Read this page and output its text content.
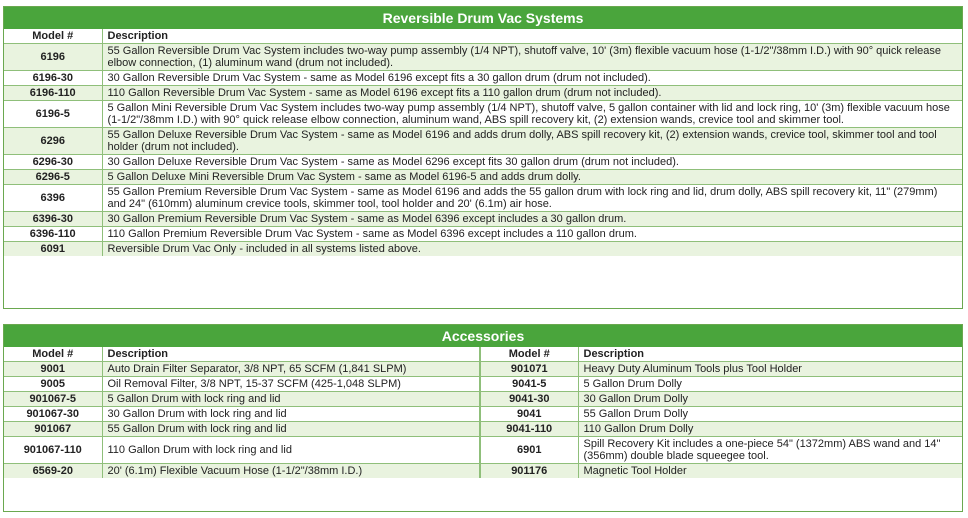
Reversible Drum Vac Systems
Model #	Description
6196	55 Gallon Reversible Drum Vac System includes two-way pump assembly (1/4 NPT), shutoff valve, 10' (3m) flexible vacuum hose (1-1/2"/38mm I.D.) with 90° quick release elbow connection, (1) aluminum wand (drum not included).
6196-30	30 Gallon Reversible Drum Vac System - same as Model 6196 except fits a 30 gallon drum (drum not included).
6196-110	110 Gallon Reversible Drum Vac System - same as Model 6196 except fits a 110 gallon drum (drum not included).
6196-5	5 Gallon Mini Reversible Drum Vac System includes two-way pump assembly (1/4 NPT), shutoff valve, 5 gallon container with lid and lock ring, 10' (3m) flexible vacuum hose (1-1/2"/38mm I.D.) with 90° quick release elbow connection, aluminum wand, ABS spill recovery kit, (2) extension wands, crevice tool and skimmer tool.
6296	55 Gallon Deluxe Reversible Drum Vac System - same as Model 6196 and adds drum dolly, ABS spill recovery kit, (2) extension wands, crevice tool, skimmer tool and tool holder (drum not included).
6296-30	30 Gallon Deluxe Reversible Drum Vac System - same as Model 6296 except fits 30 gallon drum (drum not included).
6296-5	5 Gallon Deluxe Mini Reversible Drum Vac System - same as Model 6196-5 and adds drum dolly.
6396	55 Gallon Premium Reversible Drum Vac System - same as Model 6196 and adds the 55 gallon drum with lock ring and lid, drum dolly, ABS spill recovery kit, 11" (279mm) and 24" (610mm) aluminum crevice tools, skimmer tool, tool holder and 20' (6.1m) air hose.
6396-30	30 Gallon Premium Reversible Drum Vac System - same as Model 6396 except includes a 30 gallon drum.
6396-110	110 Gallon Premium Reversible Drum Vac System - same as Model 6396 except includes a 110 gallon drum.
6091	Reversible Drum Vac Only - included in all systems listed above.
Accessories
Model #	Description	Model #	Description
9001	Auto Drain Filter Separator, 3/8 NPT, 65 SCFM (1,841 SLPM)	901071	Heavy Duty Aluminum Tools plus Tool Holder
9005	Oil Removal Filter, 3/8 NPT, 15-37 SCFM (425-1,048 SLPM)	9041-5	5 Gallon Drum Dolly
901067-5	5 Gallon Drum with lock ring and lid	9041-30	30 Gallon Drum Dolly
901067-30	30 Gallon Drum with lock ring and lid	9041	55 Gallon Drum Dolly
901067	55 Gallon Drum with lock ring and lid	9041-110	110 Gallon Drum Dolly
901067-110	110 Gallon Drum with lock ring and lid	6901	Spill Recovery Kit includes a one-piece 54" (1372mm) ABS wand and 14" (356mm) double blade squeegee tool.
6569-20	20' (6.1m) Flexible Vacuum Hose (1-1/2"/38mm I.D.)	901176	Magnetic Tool Holder
